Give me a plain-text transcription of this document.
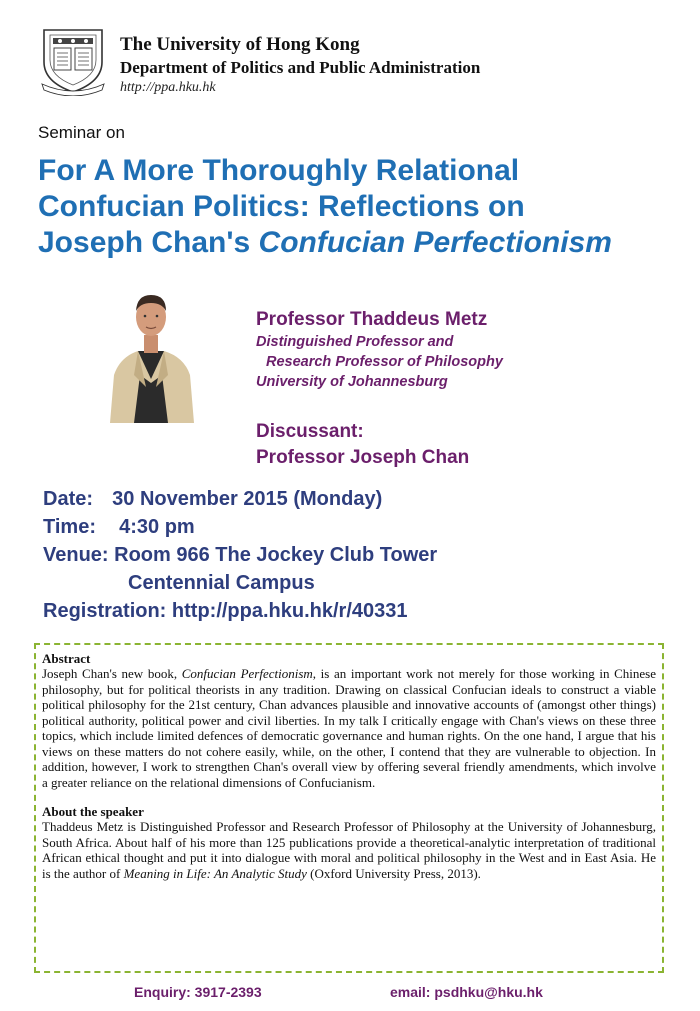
The University of Hong Kong
Department of Politics and Public Administration
http://ppa.hku.hk
Seminar on
For A More Thoroughly Relational
Confucian Politics: Reflections on
Joseph Chan's Confucian Perfectionism
Professor Thaddeus Metz
Distinguished Professor and
Research Professor of Philosophy
University of Johannesburg
Discussant:
Professor Joseph Chan
Date: 30 November 2015 (Monday)
Time: 4:30 pm
Venue: Room 966 The Jockey Club Tower
Centennial Campus
Registration: http://ppa.hku.hk/r/40331
Abstract

Joseph Chan's new book, Confucian Perfectionism, is an important work not merely for those working in Chinese philosophy, but for political theorists in any tradition. Drawing on classical Confucian ideals to construct a viable political philosophy for the 21st century, Chan advances plausible and innovative accounts of (amongst other things) political authority, political power and civil liberties. In my talk I critically engage with Chan's views on these three topics, which include limited defences of democratic governance and human rights. On the one hand, I argue that his views on these matters do not cohere easily, while, on the other, I contend that they are vulnerable to objection. In addition, however, I work to strengthen Chan's overall view by offering several friendly amendments, which involve a greater reliance on the relational dimensions of Confucianism.

About the speaker

Thaddeus Metz is Distinguished Professor and Research Professor of Philosophy at the University of Johannesburg, South Africa. About half of his more than 125 publications provide a theoretical-analytic interpretation of traditional African ethical thought and put it into dialogue with moral and political philosophy in the West and in East Asia. He is the author of Meaning in Life: An Analytic Study (Oxford University Press, 2013).

Enquiry: 3917-2393	email: psdhku@hku.hk
